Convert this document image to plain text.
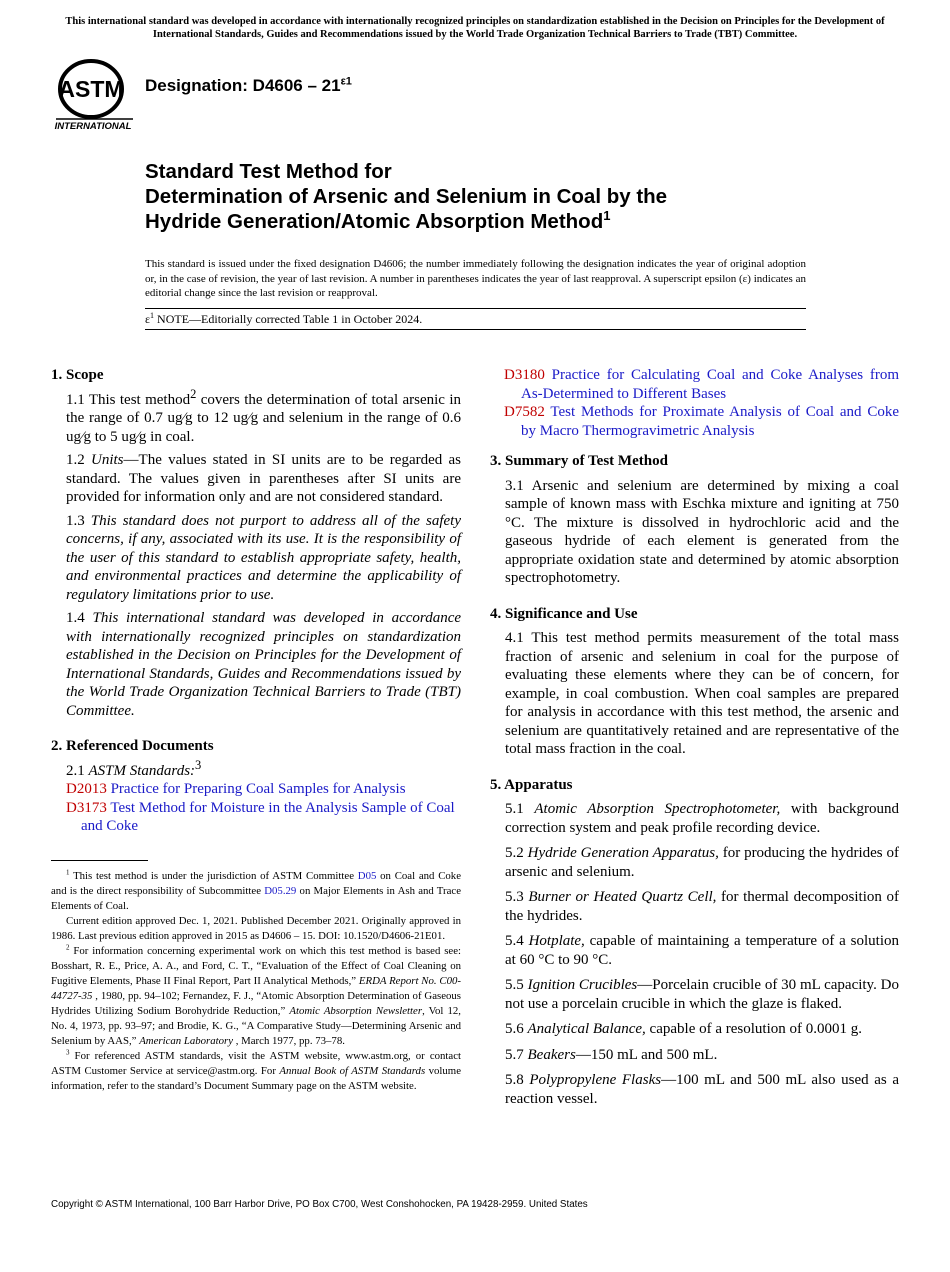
This international standard was developed in accordance with internationally recognized principles on standardization established in the Decision on Principles for the Development of International Standards, Guides and Recommendations issued by the World Trade Organization Technical Barriers to Trade (TBT) Committee.
ASTM
INTERNATIONAL
Designation: $D4606 - 21^{\varepsilon 1}$
Standard Test Method for
Determination of Arsenic and Selenium in Coal by the
Hydride Generation/Atomic Absorption Method$^1$
This standard is issued under the fixed designation D4606; the number immediately following the designation indicates the year of original adoption or, in the case of revision, the year of last revision. A number in parentheses indicates the year of last reapproval. A superscript epsilon (ε) indicates an editorial change since the last revision or reapproval.
$\varepsilon^1$ NOTE—Editorially corrected Table 1 in October 2024.
1. Scope

1.1 This test method$^2$ covers the determination of total arsenic in the range of 0.7 ug⁄g to 12 ug⁄g and selenium in the range of 0.6 ug⁄g to 5 ug⁄g in coal.

1.2 Units—The values stated in SI units are to be regarded as standard. The values given in parentheses after SI units are provided for information only and are not considered standard.

1.3 This standard does not purport to address all of the safety concerns, if any, associated with its use. It is the responsibility of the user of this standard to establish appropriate safety, health, and environmental practices and determine the applicability of regulatory limitations prior to use.

1.4 This international standard was developed in accordance with internationally recognized principles on standardization established in the Decision on Principles for the Development of International Standards, Guides and Recommendations issued by the World Trade Organization Technical Barriers to Trade (TBT) Committee.

2. Referenced Documents

2.1 ASTM Standards:$^3$

D2013 Practice for Preparing Coal Samples for Analysis

D3173 Test Method for Moisture in the Analysis Sample of Coal and Coke

$^1$ This test method is under the jurisdiction of ASTM Committee D05 on Coal and Coke and is the direct responsibility of Subcommittee D05.29 on Major Elements in Ash and Trace Elements of Coal.

Current edition approved Dec. 1, 2021. Published December 2021. Originally approved in 1986. Last previous edition approved in 2015 as D4606 – 15. DOI: 10.1520/D4606-21E01.

$^2$ For information concerning experimental work on which this test method is based see: Bosshart, R. E., Price, A. A., and Ford, C. T., “Evaluation of the Effect of Coal Cleaning on Fugitive Elements, Phase II Final Report, Part II Analytical Methods,” ERDA Report No. C00-44727-35 , 1980, pp. 94–102; Fernandez, F. J., “Atomic Absorption Determination of Gaseous Hydrides Utilizing Sodium Borohydride Reduction,” Atomic Absorption Newsletter, Vol 12, No. 4, 1973, pp. 93–97; and Brodie, K. G., “A Comparative Study—Determining Arsenic and Selenium by AAS,” American Laboratory , March 1977, pp. 73–78.

$^3$ For referenced ASTM standards, visit the ASTM website, www.astm.org, or contact ASTM Customer Service at service@astm.org. For Annual Book of ASTM Standards volume information, refer to the standard’s Document Summary page on the ASTM website.

D3180 Practice for Calculating Coal and Coke Analyses from As-Determined to Different Bases

D7582 Test Methods for Proximate Analysis of Coal and Coke by Macro Thermogravimetric Analysis

3. Summary of Test Method

3.1 Arsenic and selenium are determined by mixing a coal sample of known mass with Eschka mixture and igniting at 750 °C. The mixture is dissolved in hydrochloric acid and the gaseous hydride of each element is generated from the appropriate oxidation state and determined by atomic absorption spectrophotometry.

4. Significance and Use

4.1 This test method permits measurement of the total mass fraction of arsenic and selenium in coal for the purpose of evaluating these elements where they can be of concern, for example, in coal combustion. When coal samples are prepared for analysis in accordance with this test method, the arsenic and selenium are quantitatively retained and are representative of the total mass fraction in the coal.

5. Apparatus

5.1 Atomic Absorption Spectrophotometer, with background correction system and peak profile recording device.

5.2 Hydride Generation Apparatus, for producing the hydrides of arsenic and selenium.

5.3 Burner or Heated Quartz Cell, for thermal decomposition of the hydrides.

5.4 Hotplate, capable of maintaining a temperature of a solution at 60 °C to 90 °C.

5.5 Ignition Crucibles—Porcelain crucible of 30 mL capacity. Do not use a porcelain crucible in which the glaze is flaked.

5.6 Analytical Balance, capable of a resolution of 0.0001 g.

5.7 Beakers—150 mL and 500 mL.

5.8 Polypropylene Flasks—100 mL and 500 mL also used as a reaction vessel.

Copyright © ASTM International, 100 Barr Harbor Drive, PO Box C700, West Conshohocken, PA 19428-2959. United States
